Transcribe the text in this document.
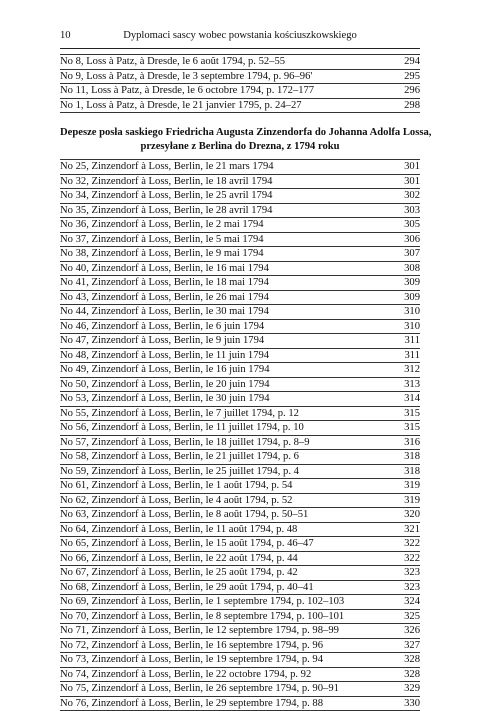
10	Dyplomaci sascy wobec powstania kościuszkowskiego
No 8, Loss à Patz, à Dresde, le 6 août 1794, p. 52–55	294
No 9, Loss à Patz, à Dresde, le 3 septembre 1794, p. 96–96'	295
No 11, Loss à Patz, à Dresde, le 6 octobre 1794, p. 172–177	296
No 1, Loss à Patz, à Dresde, le 21 janvier 1795, p. 24–27	298
Depesze posła saskiego Friedricha Augusta Zinzendorfa do Johanna Adolfa Lossa,
przesyłane z Berlina do Drezna, z 1794 roku
No 25, Zinzendorf à Loss, Berlin, le 21 mars 1794	301
No 32, Zinzendorf à Loss, Berlin, le 18 avril 1794	301
No 34, Zinzendorf à Loss, Berlin, le 25 avril 1794	302
No 35, Zinzendorf à Loss, Berlin, le 28 avril 1794	303
No 36, Zinzendorf à Loss, Berlin, le 2 mai 1794	305
No 37, Zinzendorf à Loss, Berlin, le 5 mai 1794	306
No 38, Zinzendorf à Loss, Berlin, le 9 mai 1794	307
No 40, Zinzendorf à Loss, Berlin, le 16 mai 1794	308
No 41, Zinzendorf à Loss, Berlin, le 18 mai 1794	309
No 43, Zinzendorf à Loss, Berlin, le 26 mai 1794	309
No 44, Zinzendorf à Loss, Berlin, le 30 mai 1794	310
No 46, Zinzendorf à Loss, Berlin, le 6 juin 1794	310
No 47, Zinzendorf à Loss, Berlin, le 9 juin 1794	311
No 48, Zinzendorf à Loss, Berlin, le 11 juin 1794	311
No 49, Zinzendorf à Loss, Berlin, le 16 juin 1794	312
No 50, Zinzendorf à Loss, Berlin, le 20 juin 1794	313
No 53, Zinzendorf à Loss, Berlin, le 30 juin 1794	314
No 55, Zinzendorf à Loss, Berlin, le 7 juillet 1794, p. 12	315
No 56, Zinzendorf à Loss, Berlin, le 11 juillet 1794, p. 10	315
No 57, Zinzendorf à Loss, Berlin, le 18 juillet 1794, p. 8–9	316
No 58, Zinzendorf à Loss, Berlin, le 21 juillet 1794, p. 6	318
No 59, Zinzendorf à Loss, Berlin, le 25 juillet 1794, p. 4	318
No 61, Zinzendorf à Loss, Berlin, le 1 août 1794, p. 54	319
No 62, Zinzendorf à Loss, Berlin, le 4 août 1794, p. 52	319
No 63, Zinzendorf à Loss, Berlin, le 8 août 1794, p. 50–51	320
No 64, Zinzendorf à Loss, Berlin, le 11 août 1794, p. 48	321
No 65, Zinzendorf à Loss, Berlin, le 15 août 1794, p. 46–47	322
No 66, Zinzendorf à Loss, Berlin, le 22 août 1794, p. 44	322
No 67, Zinzendorf à Loss, Berlin, le 25 août 1794, p. 42	323
No 68, Zinzendorf à Loss, Berlin, le 29 août 1794, p. 40–41	323
No 69, Zinzendorf à Loss, Berlin, le 1 septembre 1794, p. 102–103	324
No 70, Zinzendorf à Loss, Berlin, le 8 septembre 1794, p. 100–101	325
No 71, Zinzendorf à Loss, Berlin, le 12 septembre 1794, p. 98–99	326
No 72, Zinzendorf à Loss, Berlin, le 16 septembre 1794, p. 96	327
No 73, Zinzendorf à Loss, Berlin, le 19 septembre 1794, p. 94	328
No 74, Zinzendorf à Loss, Berlin, le 22 octobre 1794, p. 92	328
No 75, Zinzendorf à Loss, Berlin, le 26 septembre 1794, p. 90–91	329
No 76, Zinzendorf à Loss, Berlin, le 29 septembre 1794, p. 88	330
